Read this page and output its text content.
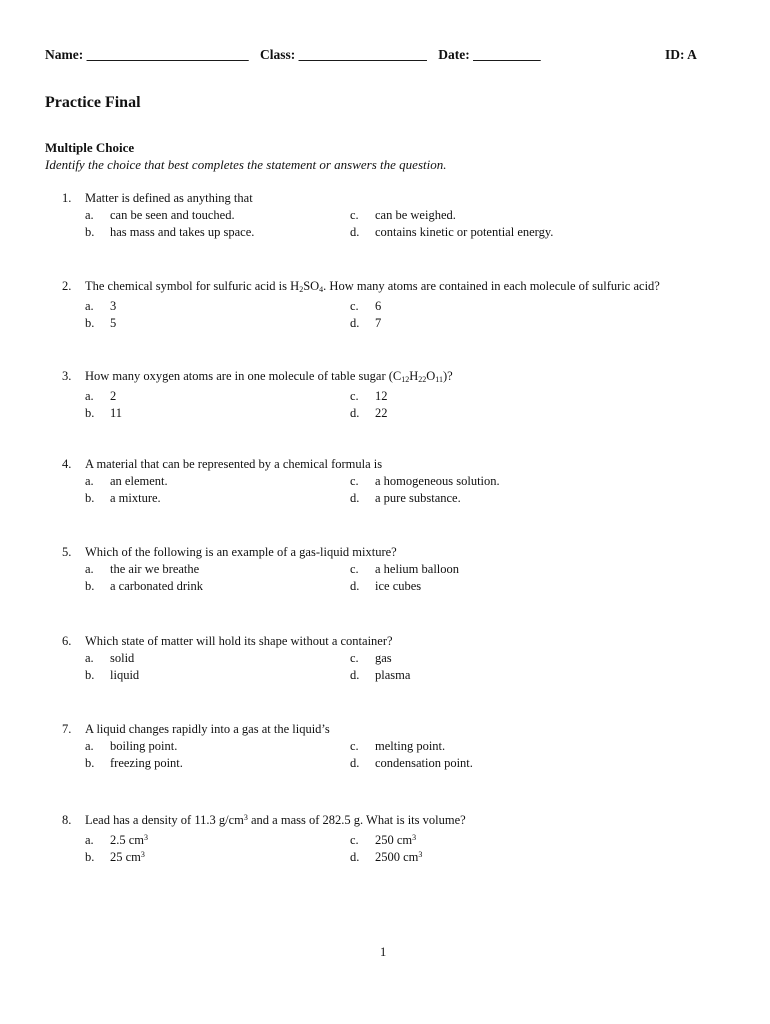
Name: ________________________ Class: ___________________ Date: __________	ID: A
Practice Final
Multiple Choice
Identify the choice that best completes the statement or answers the question.
1. Matter is defined as anything that
a. can be seen and touched.
b. has mass and takes up space.
c. can be weighed.
d. contains kinetic or potential energy.
2. The chemical symbol for sulfuric acid is $H_2SO_4$. How many atoms are contained in each molecule of sulfuric acid?
a. 3
b. 5
c. 6
d. 7
3. How many oxygen atoms are in one molecule of table sugar $(C_{12}H_{22}O_{11})$?
a. 2
b. 11
c. 12
d. 22
4. A material that can be represented by a chemical formula is
a. an element.
b. a mixture.
c. a homogeneous solution.
d. a pure substance.
5. Which of the following is an example of a gas-liquid mixture?
a. the air we breathe
b. a carbonated drink
c. a helium balloon
d. ice cubes
6. Which state of matter will hold its shape without a container?
a. solid
b. liquid
c. gas
d. plasma
7. A liquid changes rapidly into a gas at the liquid’s
a. boiling point.
b. freezing point.
c. melting point.
d. condensation point.
8. Lead has a density of 11.3 $g/cm^3$ and a mass of 282.5 g. What is its volume?
a. 2.5 $cm^3$
b. 25 $cm^3$
c. 250 $cm^3$
d. 2500 $cm^3$
1
